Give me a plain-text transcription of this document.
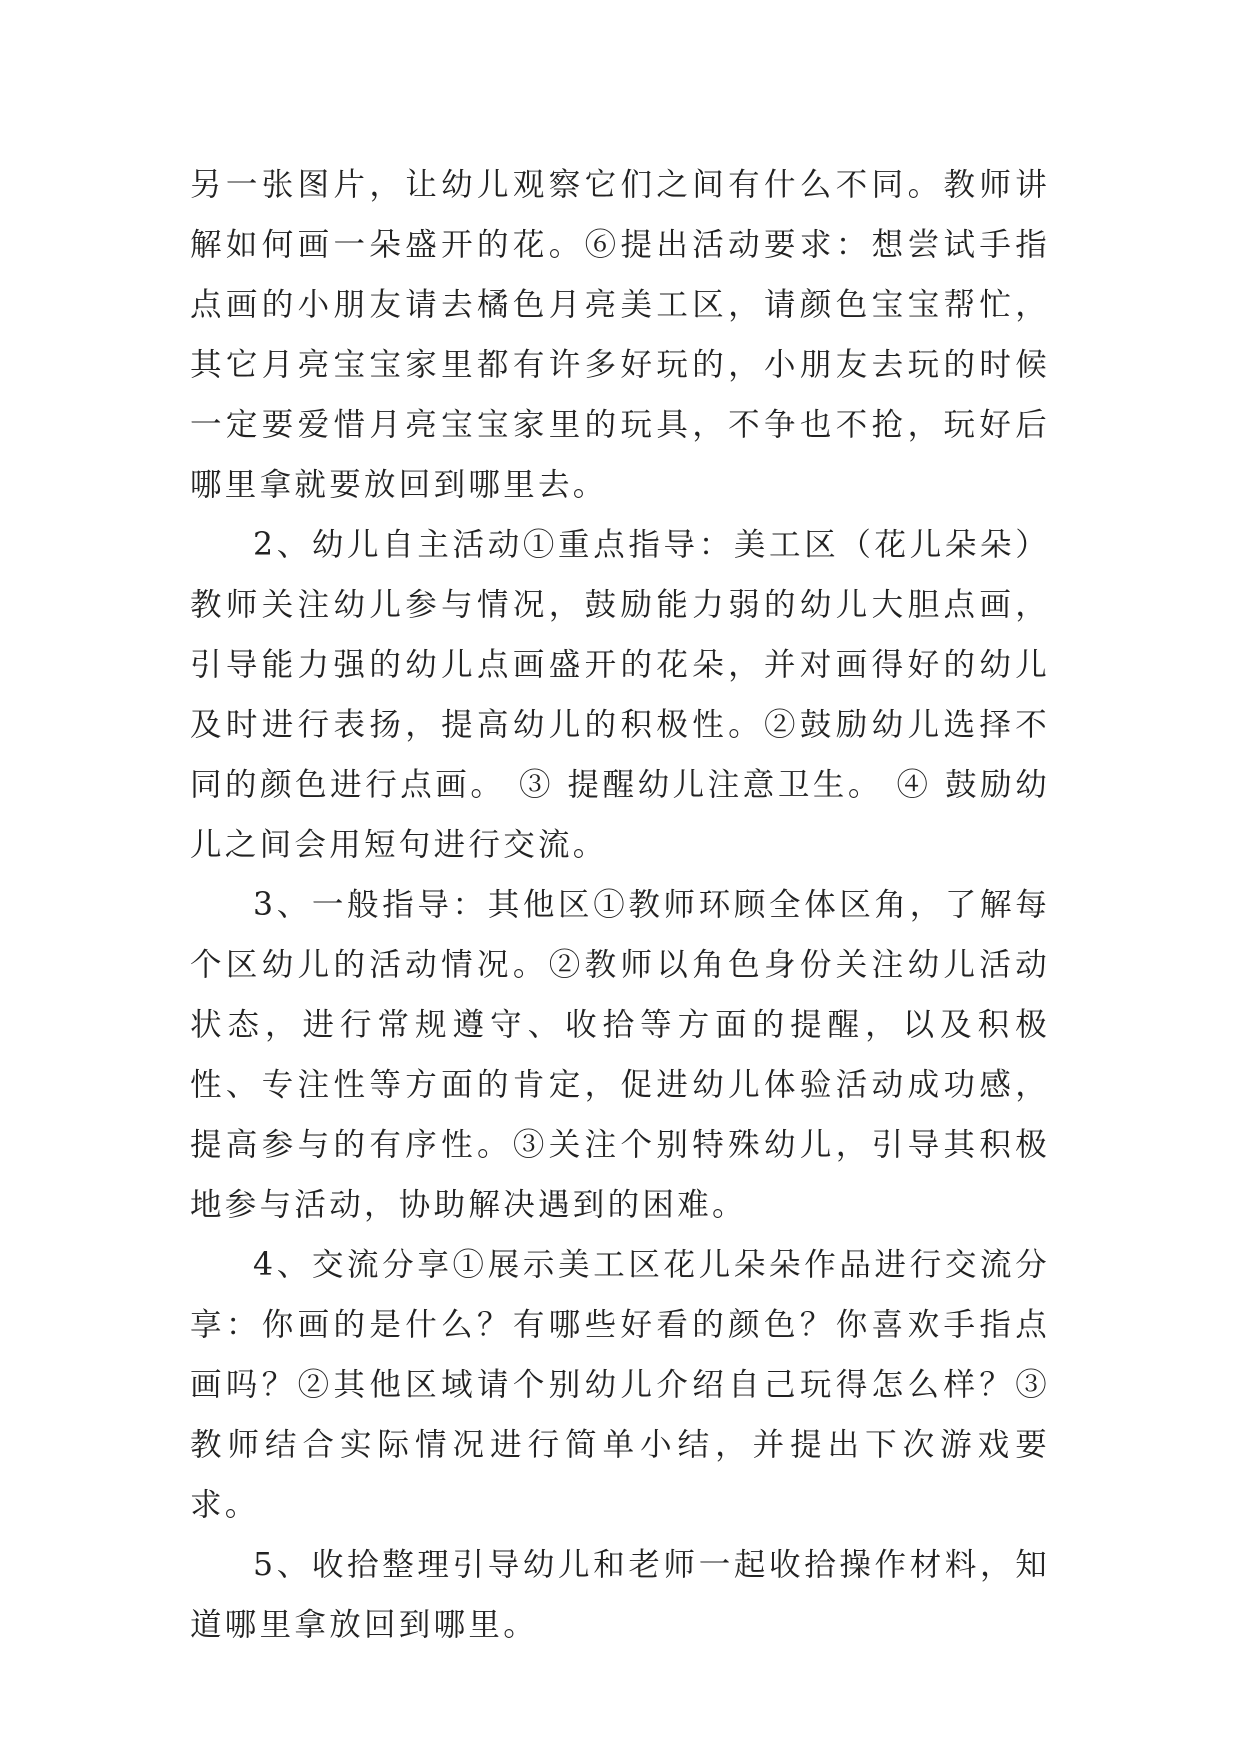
另一张图片，让幼儿观察它们之间有什么不同。教师讲解如何画一朵盛开的花。⑥提出活动要求：想尝试手指点画的小朋友请去橘色月亮美工区，请颜色宝宝帮忙，其它月亮宝宝家里都有许多好玩的，小朋友去玩的时候一定要爱惜月亮宝宝家里的玩具，不争也不抢，玩好后哪里拿就要放回到哪里去。

2、幼儿自主活动①重点指导：美工区（花儿朵朵）教师关注幼儿参与情况，鼓励能力弱的幼儿大胆点画，引导能力强的幼儿点画盛开的花朵，并对画得好的幼儿及时进行表扬，提高幼儿的积极性。②鼓励幼儿选择不同的颜色进行点画。 ③ 提醒幼儿注意卫生。 ④ 鼓励幼儿之间会用短句进行交流。

3、一般指导：其他区①教师环顾全体区角，了解每个区幼儿的活动情况。②教师以角色身份关注幼儿活动状态，进行常规遵守、收拾等方面的提醒，以及积极性、专注性等方面的肯定，促进幼儿体验活动成功感，提高参与的有序性。③关注个别特殊幼儿，引导其积极地参与活动，协助解决遇到的困难。

4、交流分享①展示美工区花儿朵朵作品进行交流分享：你画的是什么？有哪些好看的颜色？你喜欢手指点画吗？②其他区域请个别幼儿介绍自己玩得怎么样？③教师结合实际情况进行简单小结，并提出下次游戏要求。

5、收拾整理引导幼儿和老师一起收拾操作材料，知道哪里拿放回到哪里。
